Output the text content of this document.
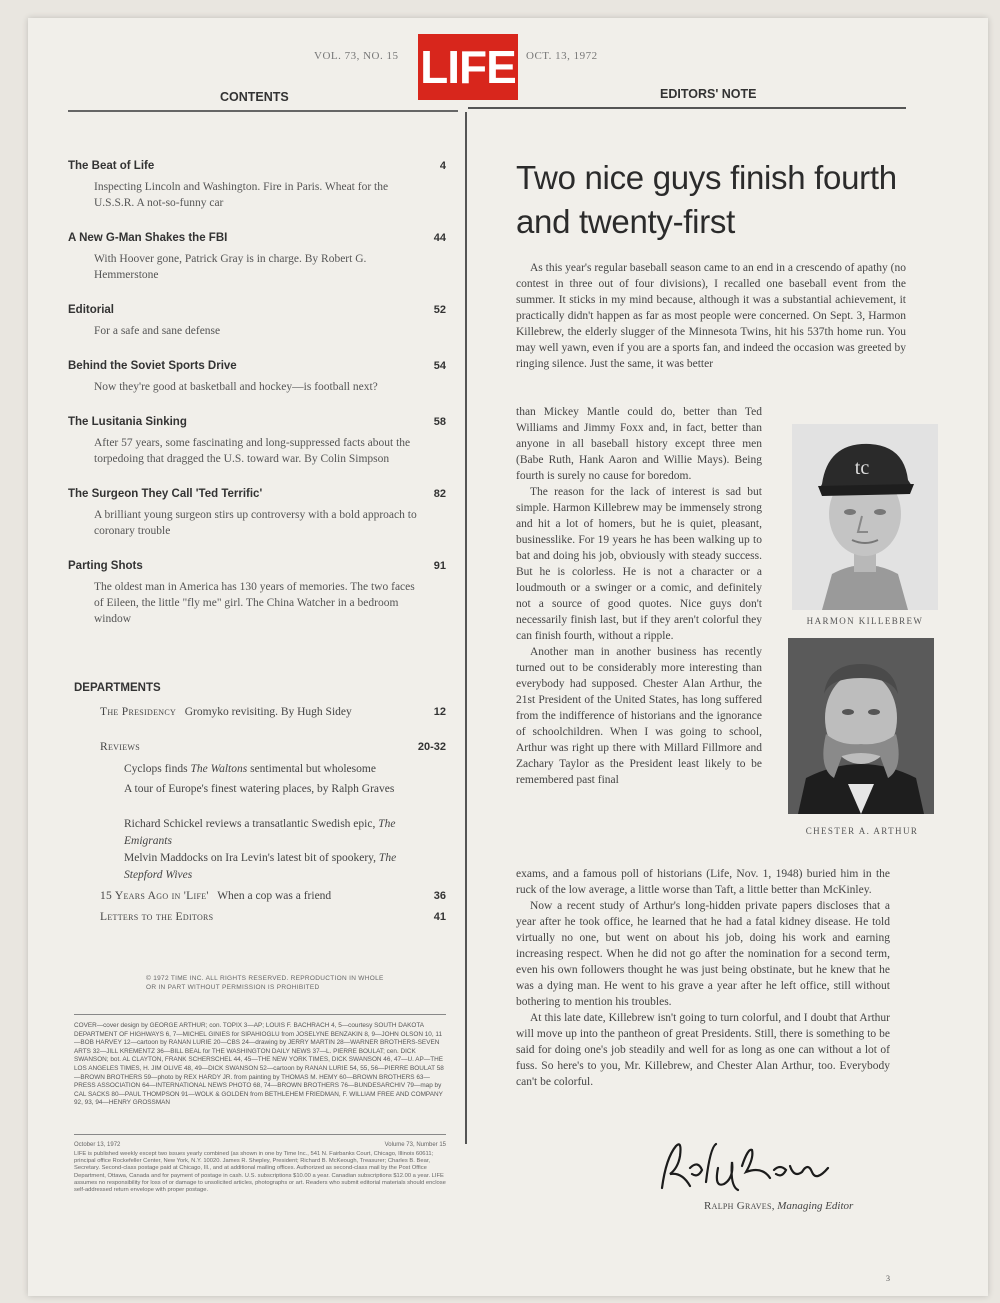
VOL. 73, NO. 15 LIFE OCT. 13, 1972
CONTENTS	EDITORS' NOTE
The Beat of Life	4
Inspecting Lincoln and Washington. Fire in Paris. Wheat for the U.S.S.R. A not-so-funny car
A New G-Man Shakes the FBI	44
With Hoover gone, Patrick Gray is in charge. By Robert G. Hemmerstone
Editorial	52
For a safe and sane defense
Behind the Soviet Sports Drive	54
Now they're good at basketball and hockey—is football next?
The Lusitania Sinking	58
After 57 years, some fascinating and long-suppressed facts about the torpedoing that dragged the U.S. toward war. By Colin Simpson
The Surgeon They Call 'Ted Terrific'	82
A brilliant young surgeon stirs up controversy with a bold approach to coronary trouble
Parting Shots	91
The oldest man in America has 130 years of memories. The two faces of Eileen, the little "fly me" girl. The China Watcher in a bedroom window
DEPARTMENTS
The Presidency Gromyko revisiting. By Hugh Sidey	12
Reviews	20-32
Cyclops finds The Waltons sentimental but wholesome
A tour of Europe's finest watering places, by Ralph Graves
Richard Schickel reviews a transatlantic Swedish epic, The Emigrants
Melvin Maddocks on Ira Levin's latest bit of spookery, The Stepford Wives
15 Years Ago in 'Life' When a cop was a friend	36
Letters to the Editors	41
© 1972 TIME INC. ALL RIGHTS RESERVED. REPRODUCTION IN WHOLE OR IN PART WITHOUT PERMISSION IS PROHIBITED
COVER—cover design by GEORGE ARTHUR; con. TOPIX 3—AP; LOUIS F. BACHRACH 4, 5—courtesy SOUTH DAKOTA DEPARTMENT OF HIGHWAYS 6, 7—MICHEL GINIES for SIPAHIOGLU from JOSELYNE BENZAKIN 8, 9—JOHN OLSON 10, 11—BOB HARVEY 12—cartoon by RANAN LURIE 20—CBS 24—drawing by JERRY MARTIN 28—WARNER BROTHERS-SEVEN ARTS 32—JILL KREMENTZ 36—BILL BEAL for THE WASHINGTON DAILY NEWS 37—L. PIERRE BOULAT; cen. DICK SWANSON; bot. AL CLAYTON, FRANK SCHERSCHEL 44, 45—THE NEW YORK TIMES, DICK SWANSON 46, 47—U. AP—THE LOS ANGELES TIMES, H. JIM OLIVE 48, 49—DICK SWANSON 52—cartoon by RANAN LURIE 54, 55, 56—PIERRE BOULAT 58—BROWN BROTHERS 59—photo by REX HARDY JR. from painting by THOMAS M. HEMY 60—BROWN BROTHERS 63—PRESS ASSOCIATION 64—INTERNATIONAL NEWS PHOTO 68, 74—BROWN BROTHERS 76—BUNDESARCHIV 79—map by CAL SACKS 80—PAUL THOMPSON 91—WOLK & GOLDEN from BETHLEHEM FRIEDMAN, F. WILLIAM FREE AND COMPANY 92, 93, 94—HENRY GROSSMAN
October 13, 1972	Volume 73, Number 15
LIFE is published weekly except two issues yearly combined (as shown in one by Time Inc., 541 N. Fairbanks Court, Chicago, Illinois 60611; principal office Rockefeller Center, New York, N.Y. 10020. James R. Shepley, President; Richard B. McKeough, Treasurer; Charles B. Bear, Secretary. Second-class postage paid at Chicago, Ill., and at additional mailing offices. Authorized as second-class mail by the Post Office Department, Ottawa, Canada and for payment of postage in cash. U.S. subscriptions $10.00 a year. Canadian subscriptions $12.00 a year. LIFE assumes no responsibility for loss of or damage to unsolicited articles, photographs or art. Readers who submit editorial materials should enclose self-addressed return envelope with proper postage.
Two nice guys finish fourth and twenty-first

As this year's regular baseball season came to an end in a crescendo of apathy (no contest in three out of four divisions), I recalled one baseball event from the summer. It sticks in my mind because, although it was a substantial achievement, it practically didn't happen as far as most people were concerned. On Sept. 3, Harmon Killebrew, the elderly slugger of the Minnesota Twins, hit his 537th home run. You may well yawn, even if you are a sports fan, and indeed the occasion was greeted by ringing silence. Just the same, it was better

than Mickey Mantle could do, better than Ted Williams and Jimmy Foxx and, in fact, better than anyone in all baseball history except three men (Babe Ruth, Hank Aaron and Willie Mays). Being fourth is surely no cause for boredom.

The reason for the lack of interest is sad but simple. Harmon Killebrew may be immensely strong and hit a lot of homers, but he is quiet, pleasant, businesslike. For 19 years he has been walking up to bat and doing his job, obviously with steady success. But he is colorless. He is not a character or a loudmouth or a swinger or a comic, and definitely not a source of good quotes. Nice guys don't necessarily finish last, but if they aren't colorful they can finish fourth, without a ripple.

Another man in another business has recently turned out to be considerably more interesting than everybody had supposed. Chester Alan Arthur, the 21st President of the United States, has long suffered from the indifference of historians and the ignorance of schoolchildren. When I was going to school, Arthur was right up there with Millard Fillmore and Zachary Taylor as the President least likely to be remembered past final

exams, and a famous poll of historians (Life, Nov. 1, 1948) buried him in the ruck of the low average, a little worse than Taft, a little better than McKinley.

Now a recent study of Arthur's long-hidden private papers discloses that a year after he took office, he learned that he had a fatal kidney disease. He told virtually no one, but went on about his job, doing his work and earning increasing respect. When he did not go after the nomination for a second term, even his own followers thought he was just being obstinate, but he knew that he was a dying man. He went to his grave a year after he left office, still without bothering to mention his troubles.

At this late date, Killebrew isn't going to turn colorful, and I doubt that Arthur will move up into the pantheon of great Presidents. Still, there is something to be said for doing one's job steadily and well for as long as one can without a lot of fuss. So here's to you, Mr. Killebrew, and Chester Alan Arthur, too. Everybody can't be colorful.

tc
HARMON KILLEBREW
CHESTER A. ARTHUR
Ralph Graves, Managing Editor
3
